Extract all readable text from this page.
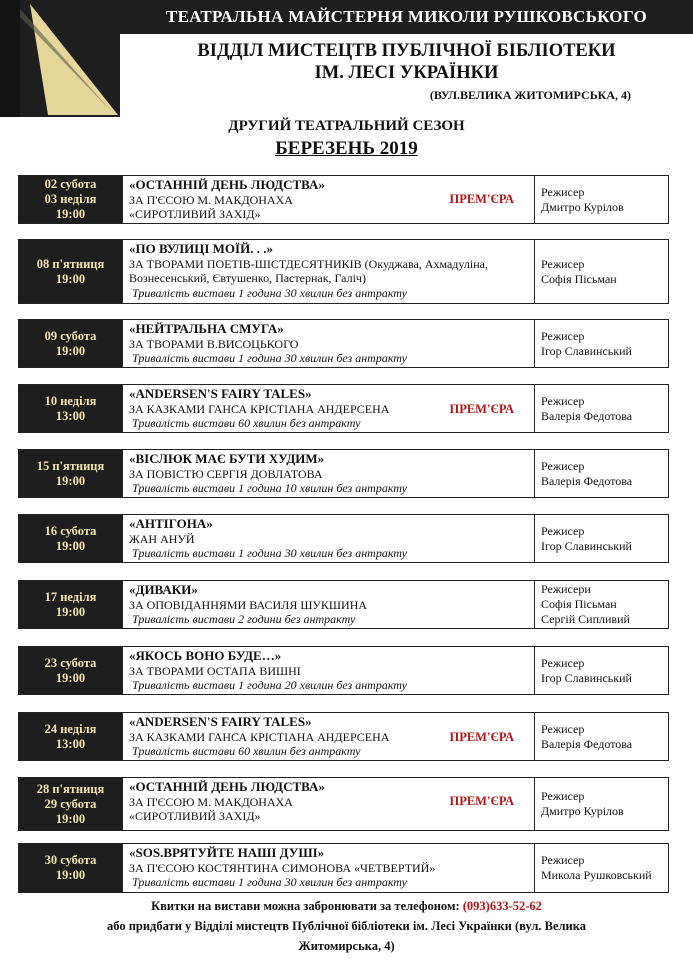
ТЕАТРАЛЬНА МАЙСТЕРНЯ МИКОЛИ РУШКОВСЬКОГО
ВІДДІЛ МИСТЕЦТВ ПУБЛІЧНОЇ БІБЛІОТЕКИ
ІМ. ЛЕСІ УКРАЇНКИ
(ВУЛ.ВЕЛИКА ЖИТОМИРСЬКА, 4)
ДРУГИЙ ТЕАТРАЛЬНИЙ СЕЗОН
БЕРЕЗЕНЬ 2019
02 субота
03 неділя
19:00
«ОСТАННІЙ ДЕНЬ ЛЮДСТВА»
ЗА П'ЄСОЮ М. МАКДОНАХА
«СИРОТЛИВИЙ ЗАХІД»
ПРЕМ'ЄРА
Режисер
Дмитро Курілов
08 п'ятниця
19:00
«ПО ВУЛИЦІ МОЇЙ. . .»
ЗА ТВОРАМИ ПОЕТІВ-ШІСТДЕСЯТНИКІВ (Окуджава, Ахмадуліна,
Вознесенський, Євтушенко, Пастернак, Галіч)
Тривалість вистави 1 година 30 хвилин без антракту
Режисер
Софія Пісьман
09 субота
19:00
«НЕЙТРАЛЬНА СМУГА»
ЗА ТВОРАМИ В.ВИСОЦЬКОГО
Тривалість вистави 1 година 30 хвилин без антракту
Режисер
Ігор Славинський
10 неділя
13:00
«ANDERSEN'S FAIRY TALES»
ЗА КАЗКАМИ ГАНСА КРІСТІАНА АНДЕРСЕНА
Тривалість вистави 60 хвилин без антракту
ПРЕМ'ЄРА
Режисер
Валерія Федотова
15 п'ятниця
19:00
«ВІСЛЮК МАЄ БУТИ ХУДИМ»
ЗА ПОВІСТЮ СЕРГІЯ ДОВЛАТОВА
Тривалість вистави 1 година 10 хвилин без антракту
Режисер
Валерія Федотова
16 субота
19:00
«АНТІГОНА»
ЖАН АНУЙ
Тривалість вистави 1 година 30 хвилин без антракту
Режисер
Ігор Славинський
17 неділя
19:00
«ДИВАКИ»
ЗА ОПОВІДАННЯМИ ВАСИЛЯ ШУКШИНА
Тривалість вистави 2 години без антракту
Режисери
Софія Пісьман
Сергій Сипливий
23 субота
19:00
«ЯКОСЬ ВОНО БУДЕ…»
ЗА ТВОРАМИ ОСТАПА ВИШНІ
Тривалість вистави 1 година 20 хвилин без антракту
Режисер
Ігор Славинський
24 неділя
13:00
«ANDERSEN'S FAIRY TALES»
ЗА КАЗКАМИ ГАНСА КРІСТІАНА АНДЕРСЕНА
Тривалість вистави 60 хвилин без антракту
ПРЕМ'ЄРА
Режисер
Валерія Федотова
28 п'ятниця
29 субота
19:00
«ОСТАННІЙ ДЕНЬ ЛЮДСТВА»
ЗА П'ЄСОЮ М. МАКДОНАХА
«СИРОТЛИВИЙ ЗАХІД»
ПРЕМ'ЄРА Режисер
Дмитро Курілов
30 субота
19:00
«SOS.ВРЯТУЙТЕ НАШІ ДУШІ»
ЗА П'ЄСОЮ КОСТЯНТИНА СИМОНОВА «ЧЕТВЕРТИЙ»
Тривалість вистави 1 година 30 хвилин без антракту
Режисер
Микола Рушковський
Квитки на вистави можна забронювати за телефоном: (093)633-52-62
або придбати у Відділі мистецтв Публічної бібліотеки ім. Лесі Українки (вул. Велика
Житомирська, 4)
